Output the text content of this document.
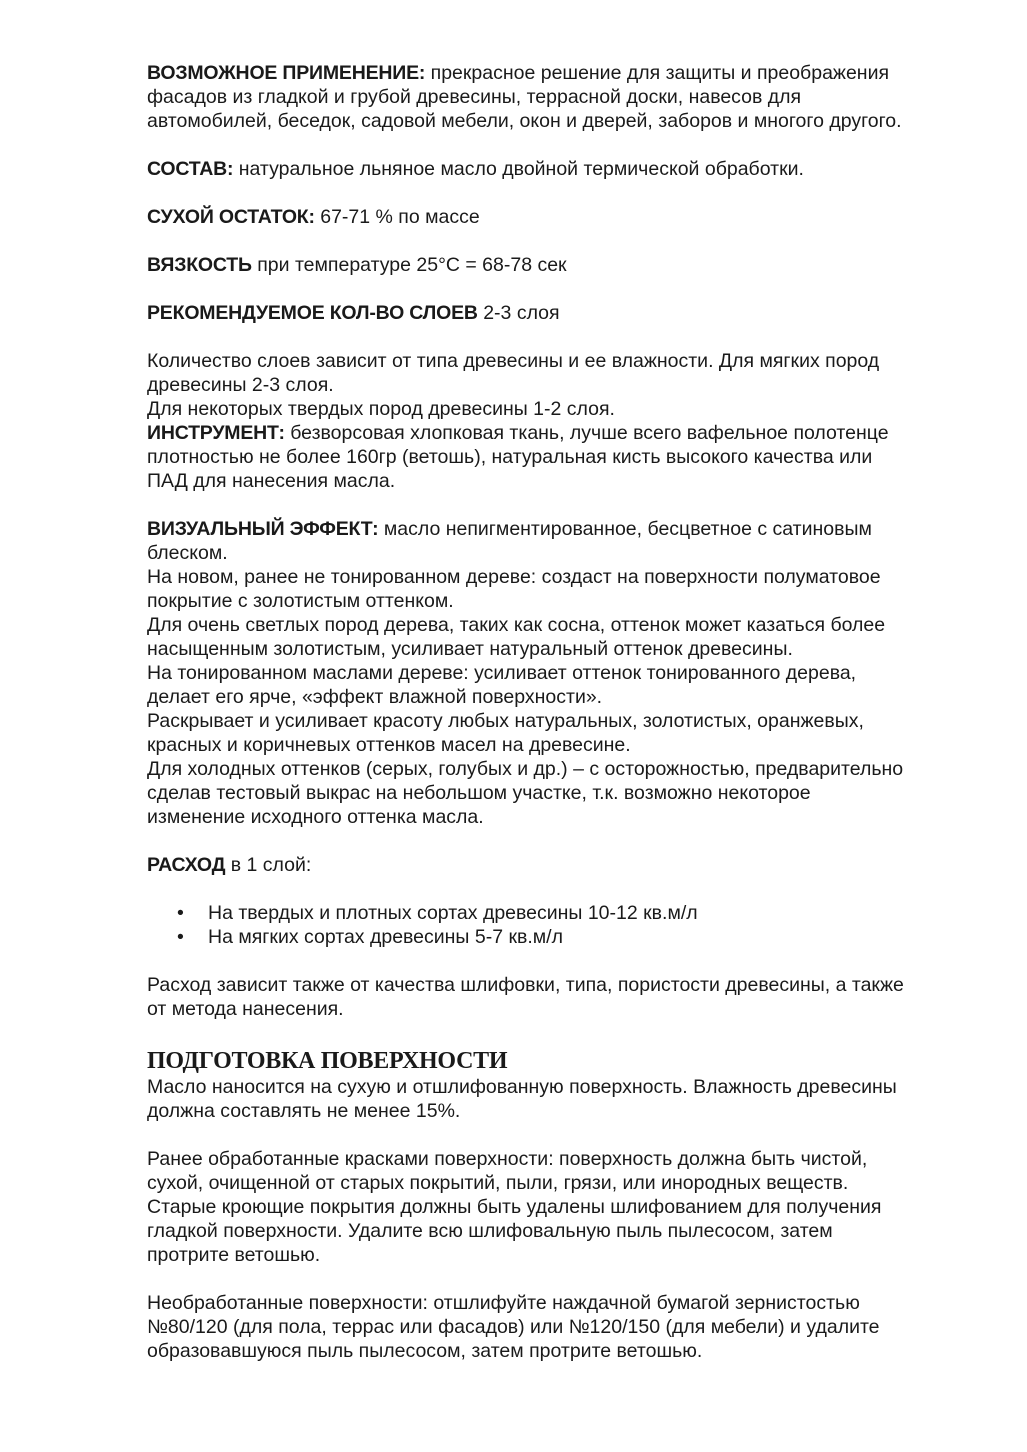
ВОЗМОЖНОЕ ПРИМЕНЕНИЕ: прекрасное решение для защиты и преображения
фасадов из гладкой и грубой древесины, террасной доски, навесов для
автомобилей, беседок, садовой мебели, окон и дверей, заборов и многого другого.

СОСТАВ: натуральное льняное масло двойной термической обработки.

СУХОЙ ОСТАТОК: 67-71 % по массе

ВЯЗКОСТЬ при температуре 25°С = 68-78 сек

РЕКОМЕНДУЕМОЕ КОЛ-ВО СЛОЕВ 2-3 слоя

Количество слоев зависит от типа древесины и ее влажности. Для мягких пород
древесины 2-3 слоя.
Для некоторых твердых пород древесины 1-2 слоя.
ИНСТРУМЕНТ: безворсовая хлопковая ткань, лучше всего вафельное полотенце
плотностью не более 160гр (ветошь), натуральная кисть высокого качества или
ПАД для нанесения масла.

ВИЗУАЛЬНЫЙ ЭФФЕКТ: масло непигментированное, бесцветное с сатиновым
блеском.
На новом, ранее не тонированном дереве: создаст на поверхности полуматовое
покрытие с золотистым оттенком.
Для очень светлых пород дерева, таких как сосна, оттенок может казаться более
насыщенным золотистым, усиливает натуральный оттенок древесины.
На тонированном маслами дереве: усиливает оттенок тонированного дерева,
делает его ярче, «эффект влажной поверхности».
Раскрывает и усиливает красоту любых натуральных, золотистых, оранжевых,
красных и коричневых оттенков масел на древесине.
Для холодных оттенков (серых, голубых и др.) – с осторожностью, предварительно
сделав тестовый выкрас на небольшом участке, т.к. возможно некоторое
изменение исходного оттенка масла.

РАСХОД в 1 слой:

• На твердых и плотных сортах древесины 10-12 кв.м/л
• На мягких сортах древесины 5-7 кв.м/л

Расход зависит также от качества шлифовки, типа, пористости древесины, а также
от метода нанесения.

ПОДГОТОВКА ПОВЕРХНОСТИ

Масло наносится на сухую и отшлифованную поверхность. Влажность древесины
должна составлять не менее 15%.

Ранее обработанные красками поверхности: поверхность должна быть чистой,
сухой, очищенной от старых покрытий, пыли, грязи, или инородных веществ.
Старые кроющие покрытия должны быть удалены шлифованием для получения
гладкой поверхности. Удалите всю шлифовальную пыль пылесосом, затем
протрите ветошью.

Необработанные поверхности: отшлифуйте наждачной бумагой зернистостью
№80/120 (для пола, террас или фасадов) или №120/150 (для мебели) и удалите
образовавшуюся пыль пылесосом, затем протрите ветошью.
